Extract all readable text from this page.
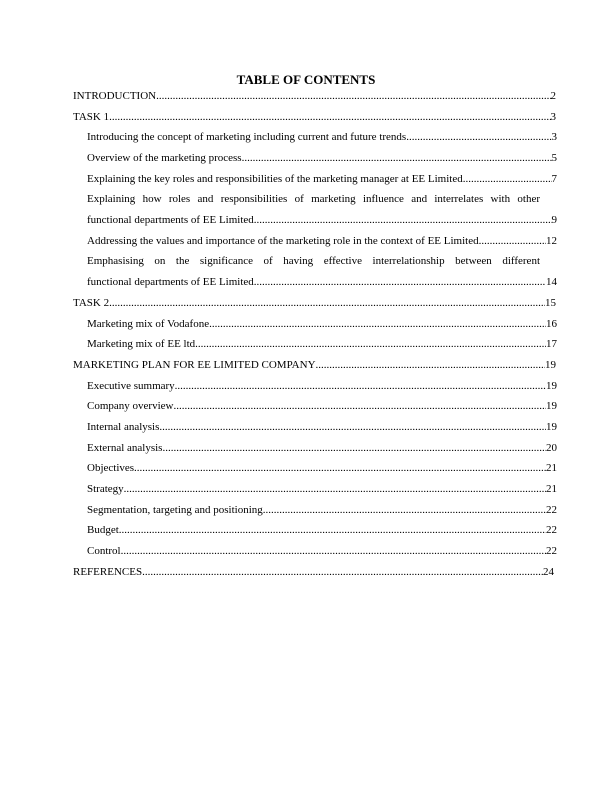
TABLE OF CONTENTS
INTRODUCTION .....	2
TASK 1 .....	3
Introducing the concept of marketing including current and future trends .....	3
Overview of the marketing process .....	5
Explaining the key roles and responsibilities of the marketing manager at EE Limited .....	7
Explaining how roles and responsibilities of marketing influence and interrelates with other
functional departments of EE Limited .....	9
Addressing the values and importance of the marketing role in the context of EE Limited .....	12
Emphasising on the significance of having effective interrelationship between different
functional departments of EE Limited .....	14
TASK 2 .....	15
Marketing mix of Vodafone .....	16
Marketing mix of EE ltd .....	17
MARKETING PLAN FOR EE LIMITED COMPANY .....	19
Executive summary .....	19
Company overview .....	19
Internal analysis .....	19
External analysis .....	20
Objectives .....	21
Strategy .....	21
Segmentation, targeting and positioning .....	22
Budget .....	22
Control .....	22
REFERENCES .....	24
